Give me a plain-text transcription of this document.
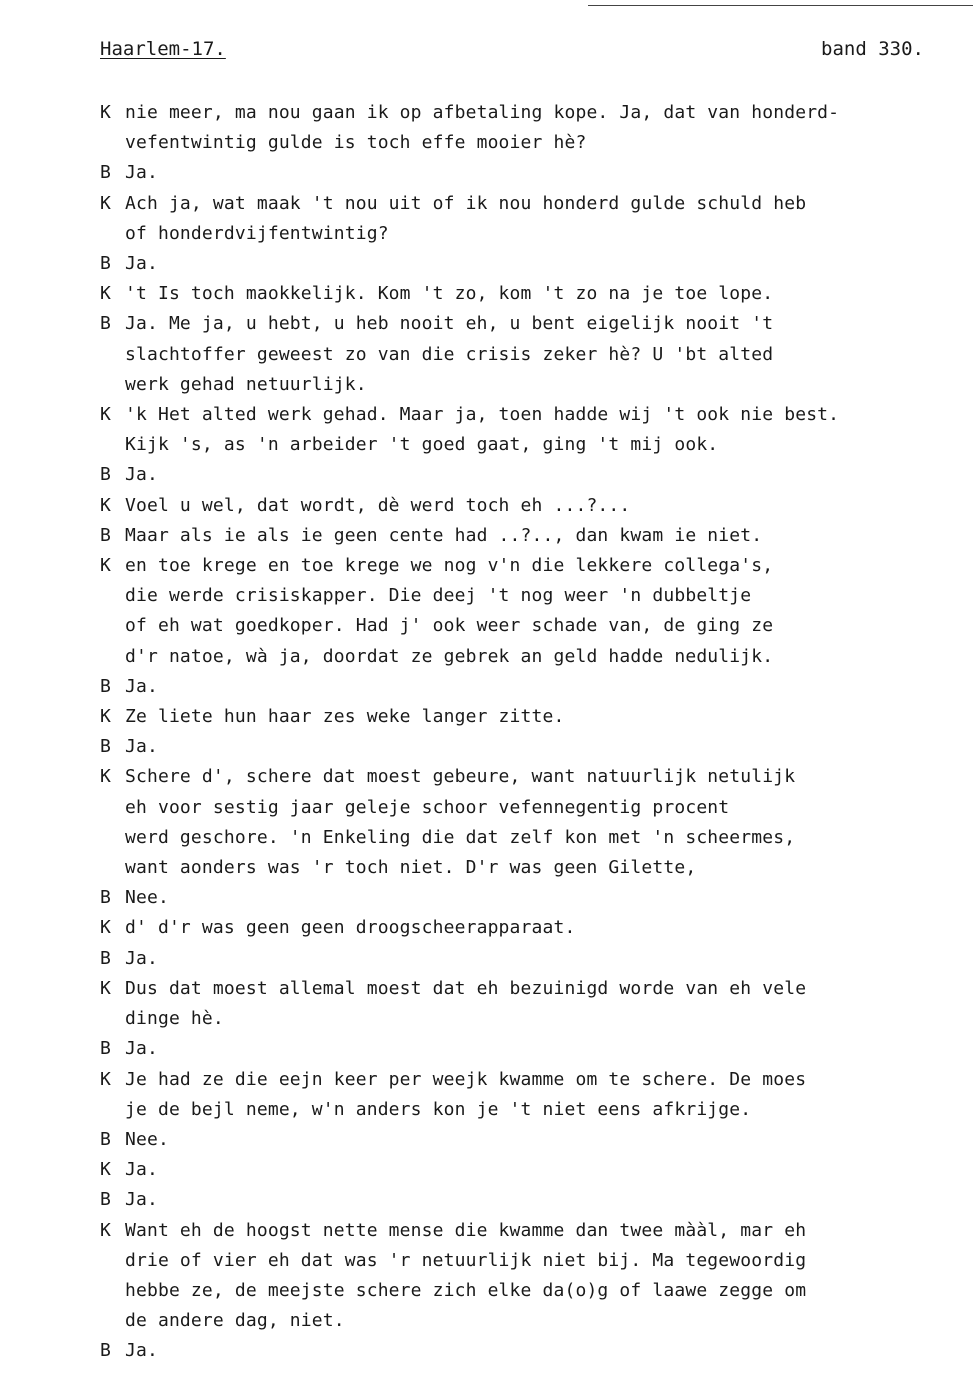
Haarlem-17.	band 330.
K nie meer, ma nou gaan ik op afbetaling kope. Ja, dat van honderd-
vefentwintig gulde is toch effe mooier hè?
B Ja.
K Ach ja, wat maak 't nou uit of ik nou honderd gulde schuld heb
of honderdvijfentwintig?
B Ja.
K 't Is toch maokkelijk. Kom 't zo, kom 't zo na je toe lope.
B Ja. Me ja, u hebt, u heb nooit eh, u bent eigelijk nooit 't
slachtoffer geweest zo van die crisis zeker hè? U 'bt alted
werk gehad netuurlijk.
K 'k Het alted werk gehad. Maar ja, toen hadde wij 't ook nie best.
Kijk 's, as 'n arbeider 't goed gaat, ging 't mij ook.
B Ja.
K Voel u wel, dat wordt, dè werd toch eh ...?...
B Maar als ie als ie geen cente had ..?.., dan kwam ie niet.
K en toe krege en toe krege we nog v'n die lekkere collega's,
die werde crisiskapper. Die deej 't nog weer 'n dubbeltje
of eh wat goedkoper. Had j' ook weer schade van, de ging ze
d'r natoe, wà ja, doordat ze gebrek an geld hadde nedulijk.
B Ja.
K Ze liete hun haar zes weke langer zitte.
B Ja.
K Schere d', schere dat moest gebeure, want natuurlijk netulijk
eh voor sestig jaar geleje schoor vefennegentig procent
werd geschore. 'n Enkeling die dat zelf kon met 'n scheermes,
want aonders was 'r toch niet. D'r was geen Gilette,
B Nee.
K d' d'r was geen geen droogscheerapparaat.
B Ja.
K Dus dat moest allemal moest dat eh bezuinigd worde van eh vele
dinge hè.
B Ja.
K Je had ze die eejn keer per weejk kwamme om te schere. De moes
je de bejl neme, w'n anders kon je 't niet eens afkrijge.
B Nee.
K Ja.
B Ja.
K Want eh de hoogst nette mense die kwamme dan twee mààl, mar eh
drie of vier eh dat was 'r netuurlijk niet bij. Ma tegewoordig
hebbe ze, de meejste schere zich elke da(o)g of laawe zegge om
de andere dag, niet.
B Ja.
